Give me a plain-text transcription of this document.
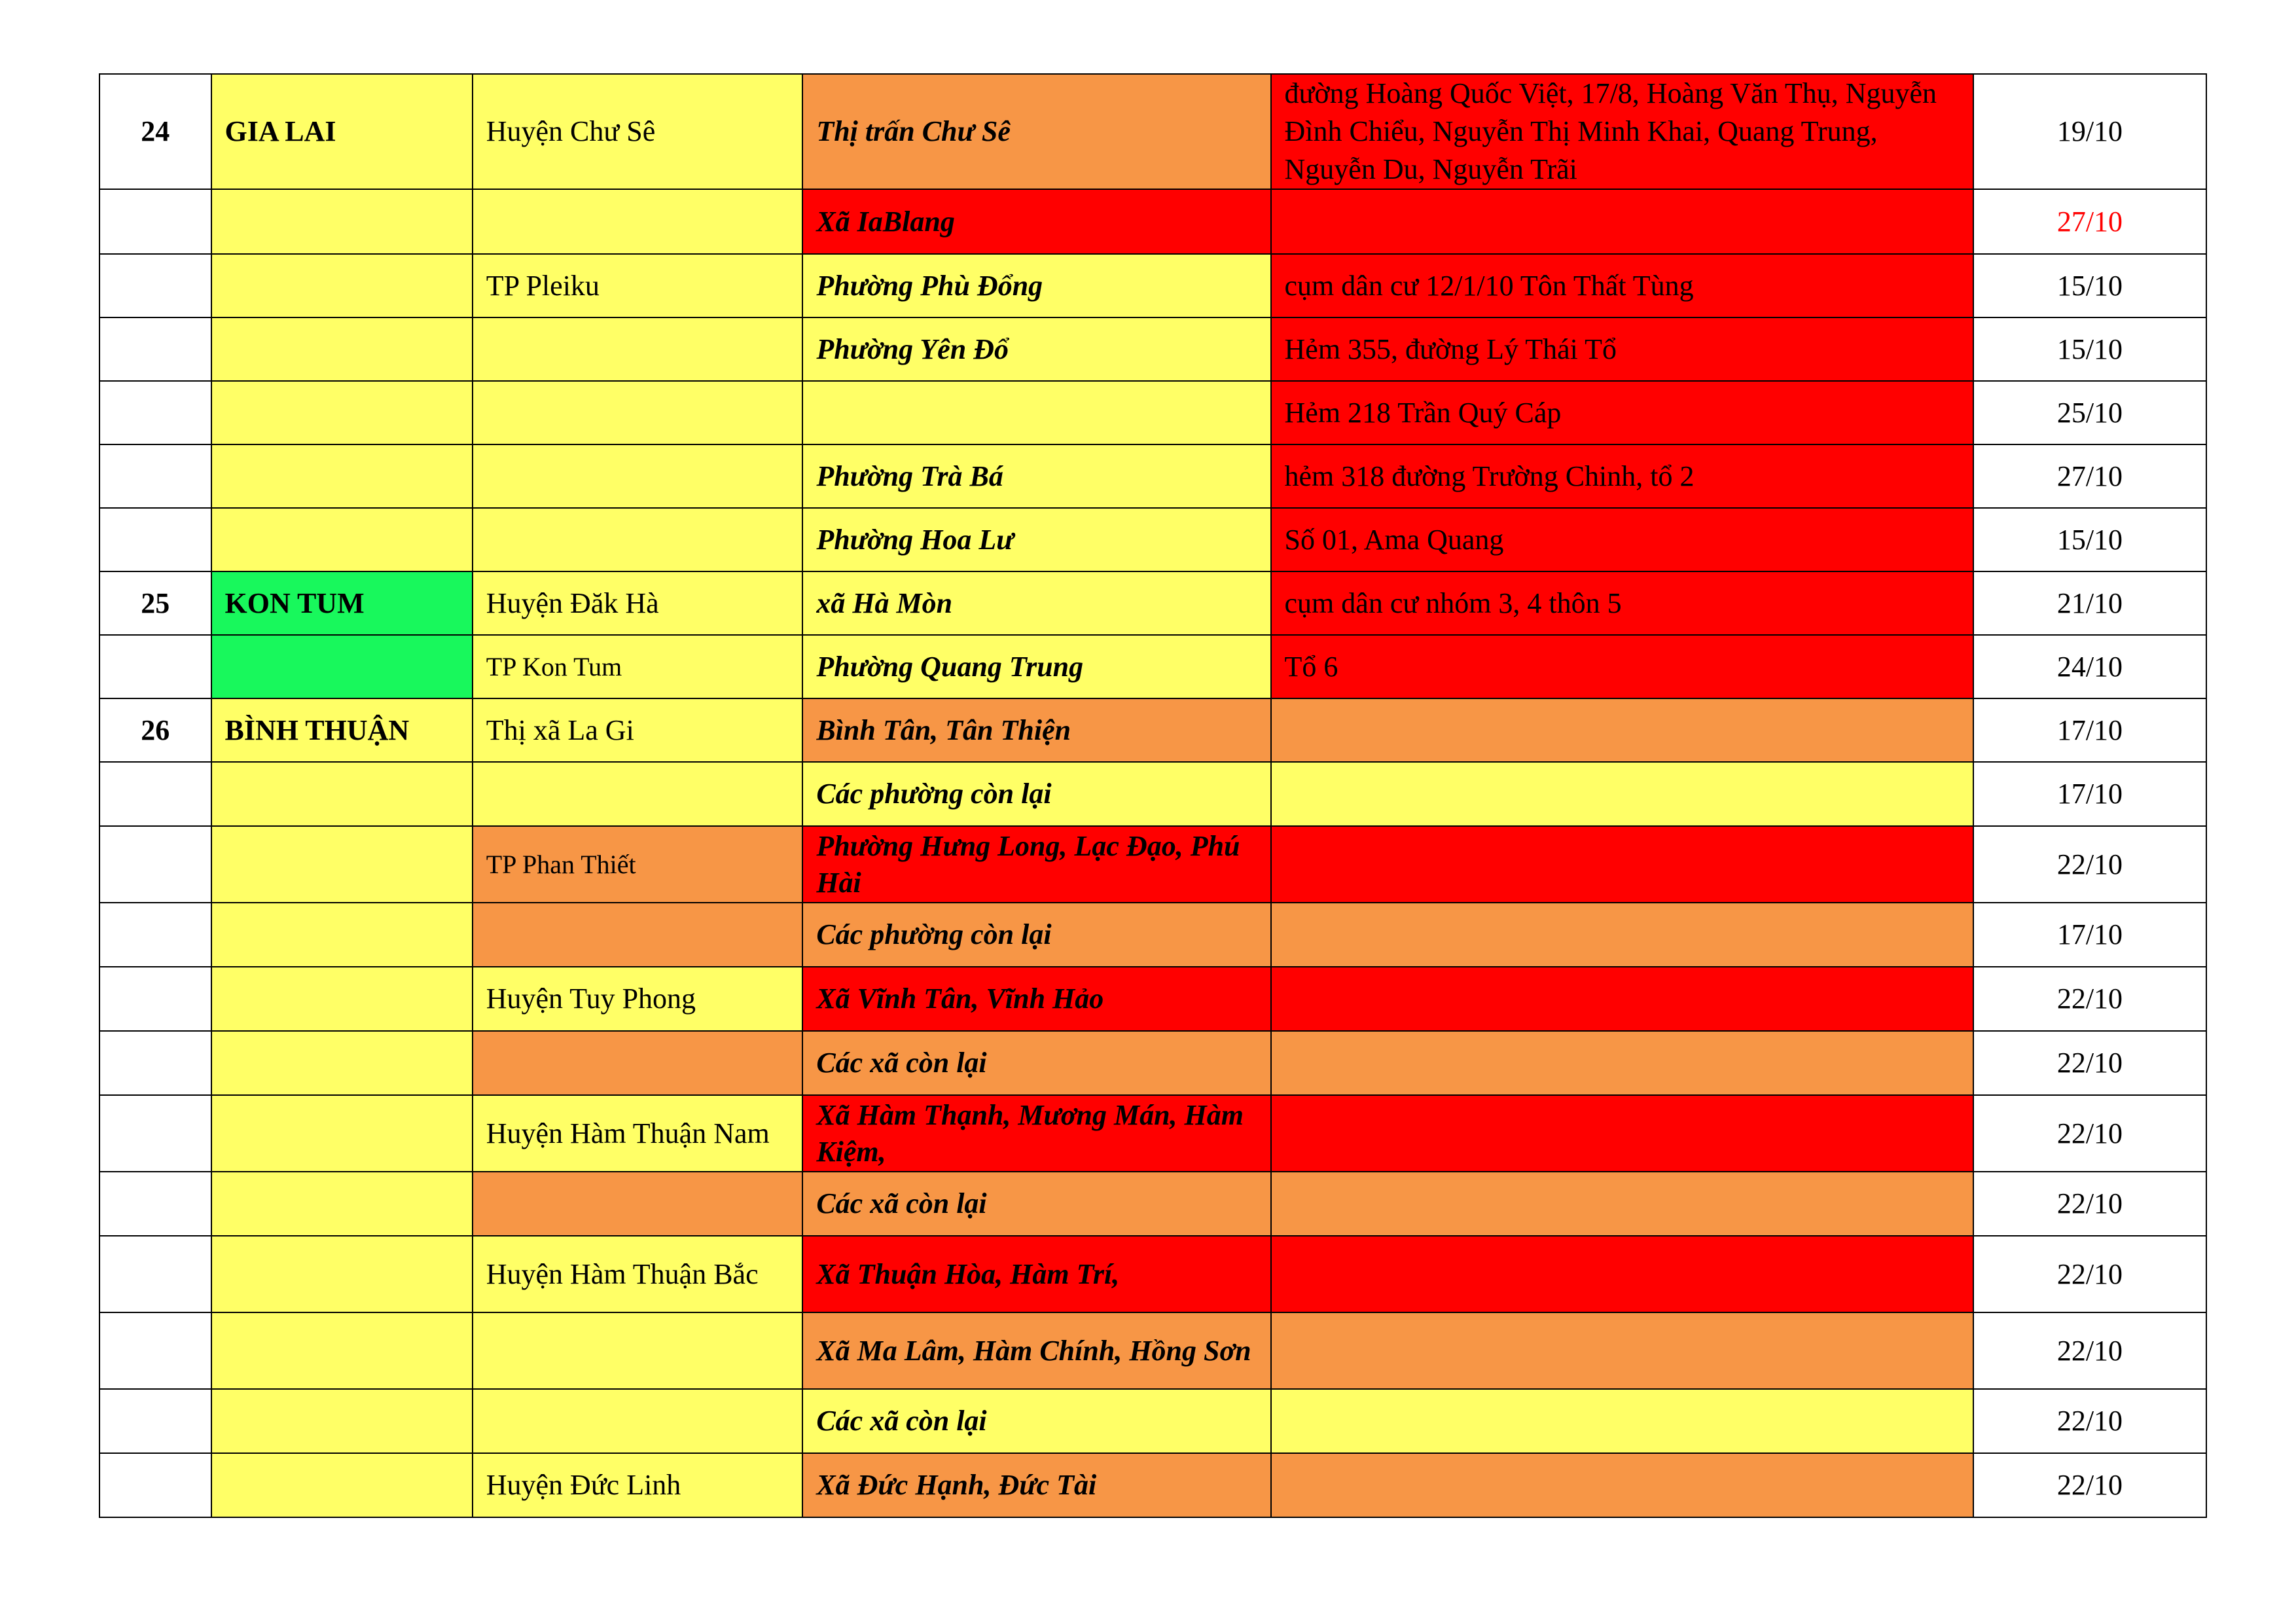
24	GIA LAI	Huyện Chư Sê	Thị trấn Chư Sê	đường Hoàng Quốc Việt, 17/8, Hoàng Văn Thụ, Nguyễn Đình Chiểu, Nguyễn Thị Minh Khai, Quang Trung, Nguyễn Du, Nguyễn Trãi	19/10
			Xã IaBlang		27/10
		TP Pleiku	Phường Phù Đổng	cụm dân cư 12/1/10 Tôn Thất Tùng	15/10
			Phường Yên Đổ	Hẻm 355, đường Lý Thái Tổ	15/10
				Hẻm 218 Trần Quý Cáp	25/10
			Phường Trà Bá	hẻm 318 đường Trường Chinh, tổ 2	27/10
			Phường Hoa Lư	Số 01, Ama Quang	15/10
25	KON TUM	Huyện Đăk Hà	xã Hà Mòn	cụm dân cư nhóm 3, 4 thôn 5	21/10
		TP Kon Tum	Phường Quang Trung	Tổ 6	24/10
26	BÌNH THUẬN	Thị xã La Gi	Bình Tân, Tân Thiện		17/10
			Các phường còn lại		17/10
		TP Phan Thiết	Phường Hưng Long, Lạc Đạo, Phú Hài		22/10
			Các phường còn lại		17/10
		Huyện Tuy Phong	Xã Vĩnh Tân, Vĩnh Hảo		22/10
			Các xã còn lại		22/10
		Huyện Hàm Thuận Nam	Xã Hàm Thạnh, Mương Mán, Hàm Kiệm,		22/10
			Các xã còn lại		22/10
		Huyện Hàm Thuận Bắc	Xã Thuận Hòa, Hàm Trí,		22/10
			Xã Ma Lâm, Hàm Chính, Hồng Sơn		22/10
			Các xã còn lại		22/10
		Huyện Đức Linh	Xã Đức Hạnh, Đức Tài		22/10
